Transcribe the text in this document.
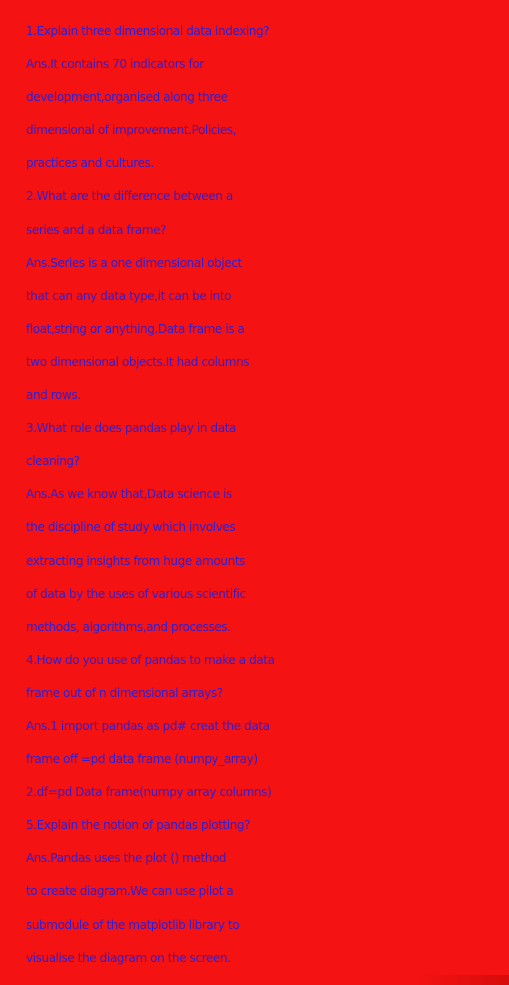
1.Explain three dimensional data indexing?

Ans.It contains 70 indicators for

development,organised along three

dimensional of improvement.Policies,

practices and cultures.

2.What are the difference between a

series and a data frame?

Ans.Series is a one dimensional object

that can any data type,it can be into

float,string or anything.Data frame is a

two dimensional objects.It had columns

and rows.

3.What role does pandas play in data

cleaning?

Ans.As we know that,Data science is

the discipline of study which involves

extracting insights from huge amounts

of data by the uses of various scientific

methods, algorithms,and processes.

4.How do you use of pandas to make a data

frame out of n dimensional arrays?

Ans.1 import pandas as pd# creat the data

frame off =pd data frame (numpy_array)

2.df=pd Data frame(numpy array columns)

5.Explain the notion of pandas plotting?

Ans.Pandas uses the plot () method

to create diagram.We can use pilot a

submodule of the matplotlib library to

visualise the diagram on the screen.
